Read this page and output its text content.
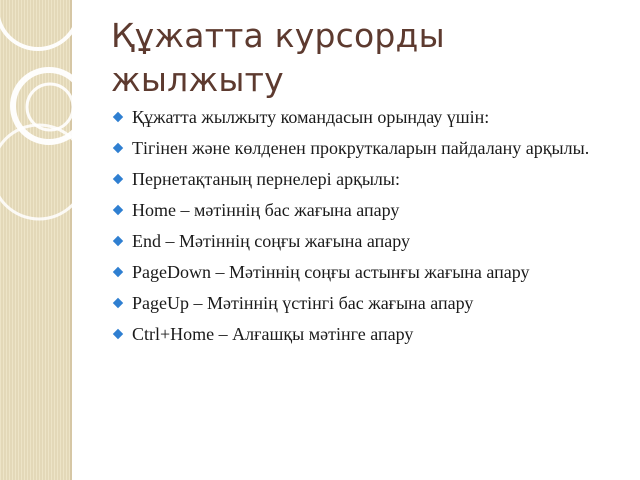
Құжатта курсорды жылжыту
Құжатта жылжыту командасын орындау үшін:
Тігінен және көлденен прокруткаларын пайдалану арқылы.
Пернетақтаның пернелері арқылы:
Home – мәтіннің бас жағына апару
End – Мәтіннің соңғы жағына апару
PageDown – Мәтіннің соңғы астынғы жағына апару
PageUp – Мәтіннің үстінгі бас жағына апару
Ctrl+Home – Алғашқы мәтінге апару
